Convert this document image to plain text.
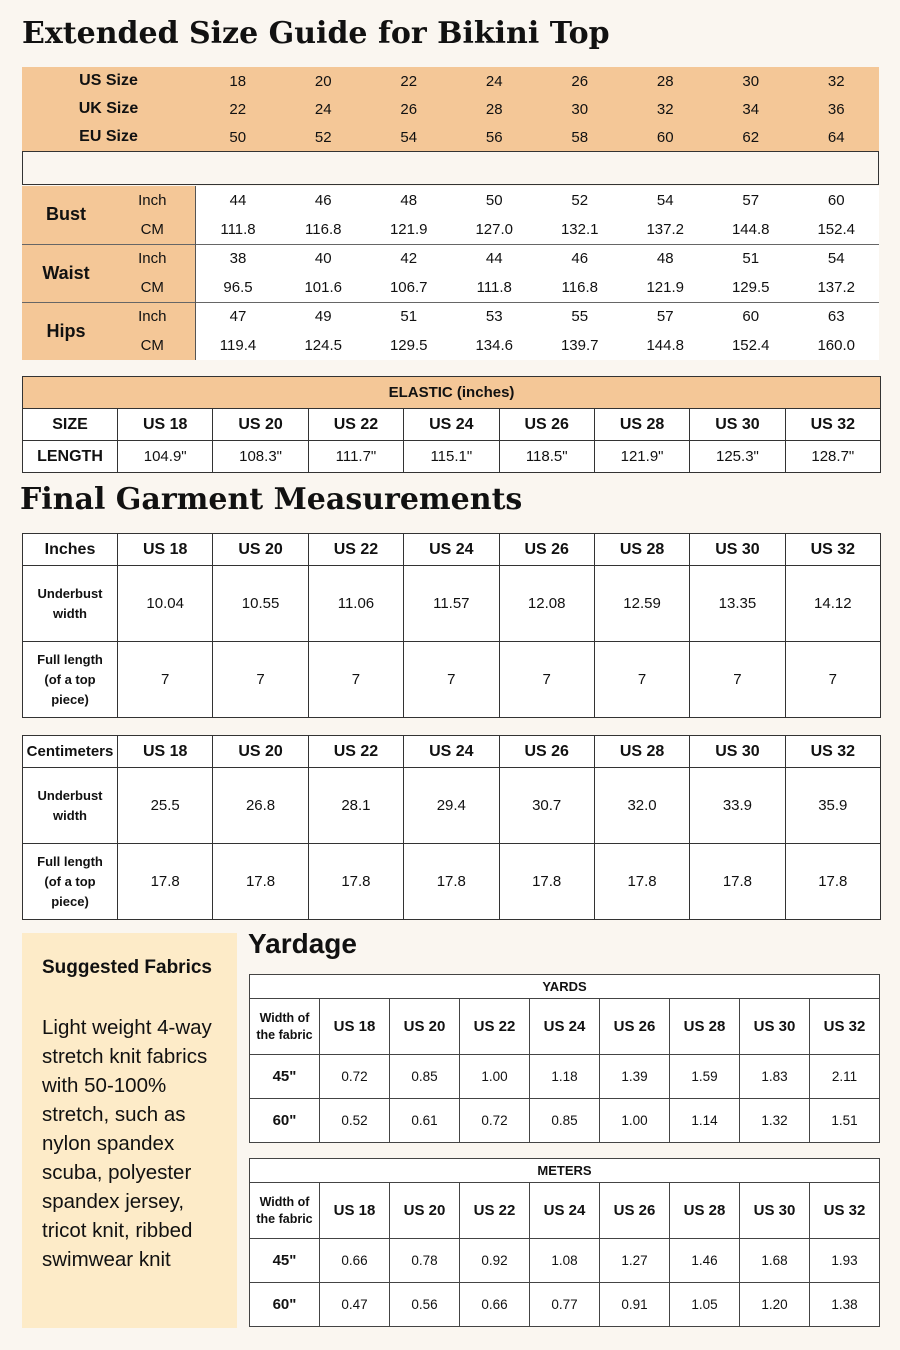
Extended Size Guide for Bikini Top
US Size	18	20	22	24	26	28	30	32
UK Size	22	24	26	28	30	32	34	36
EU Size	50	52	54	56	58	60	62	64
Bust	Inch	44	46	48	50	52	54	57	60
	CM	111.8	116.8	121.9	127.0	132.1	137.2	144.8	152.4
Waist	Inch	38	40	42	44	46	48	51	54
	CM	96.5	101.6	106.7	111.8	116.8	121.9	129.5	137.2
Hips	Inch	47	49	51	53	55	57	60	63
	CM	119.4	124.5	129.5	134.6	139.7	144.8	152.4	160.0
ELASTIC (inches)								
SIZE	US 18	US 20	US 22	US 24	US 26	US 28	US 30	US 32
LENGTH	104.9"	108.3"	111.7"	115.1"	118.5"	121.9"	125.3"	128.7"
Final Garment Measurements
Inches	US 18	US 20	US 22	US 24	US 26	US 28	US 30	US 32
Underbust
width	10.04	10.55	11.06	11.57	12.08	12.59	13.35	14.12
Full length
(of a top
piece)	7	7	7	7	7	7	7	7
Centimeters	US 18	US 20	US 22	US 24	US 26	US 28	US 30	US 32
Underbust
width	25.5	26.8	28.1	29.4	30.7	32.0	33.9	35.9
Full length
(of a top
piece)	17.8	17.8	17.8	17.8	17.8	17.8	17.8	17.8
Suggested Fabrics
Light weight 4-way stretch knit fabrics with 50-100% stretch, such as nylon spandex scuba, polyester spandex jersey, tricot knit, ribbed swimwear knit
Yardage
YARDS								
Width of
the fabric	US 18	US 20	US 22	US 24	US 26	US 28	US 30	US 32
45"	0.72	0.85	1.00	1.18	1.39	1.59	1.83	2.11
60"	0.52	0.61	0.72	0.85	1.00	1.14	1.32	1.51
METERS								
Width of
the fabric	US 18	US 20	US 22	US 24	US 26	US 28	US 30	US 32
45"	0.66	0.78	0.92	1.08	1.27	1.46	1.68	1.93
60"	0.47	0.56	0.66	0.77	0.91	1.05	1.20	1.38
